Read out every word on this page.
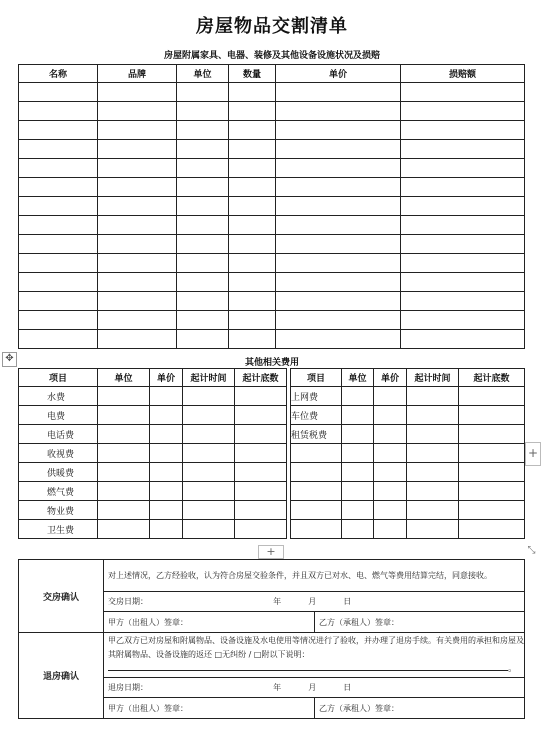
房屋物品交割清单
房屋附属家具、电器、装修及其他设备设施状况及损赔
名称	品牌	单位	数量	单价	损赔额

✥	其他相关费用
项目	单位	单价	起计时间	起计底数		项目	单位	单价	起计时间	起计底数
水费						上网费				
电费						车位费				
电话费						租赁税费				
收视费										
供暖费										
燃气费										
物业费										
卫生费										
+
+	⤡
交房确认	对上述情况，乙方经验收，认为符合房屋交验条件，并且双方已对水、电、燃气等费用结算完结，同意接收。	
	交房日期： 年 月 日	
	甲方（出租人）签章：	乙方（承租人）签章：
退房确认	甲乙双方已对房屋和附属物品、设备设施及水电使用等情况进行了验收，并办理了退房手续。有关费用的承担和房屋及其附属物品、设备设施的返还 □无纠纷 / □附以下说明：
。	
	退房日期： 年 月 日	
	甲方（出租人）签章：	乙方（承租人）签章：
